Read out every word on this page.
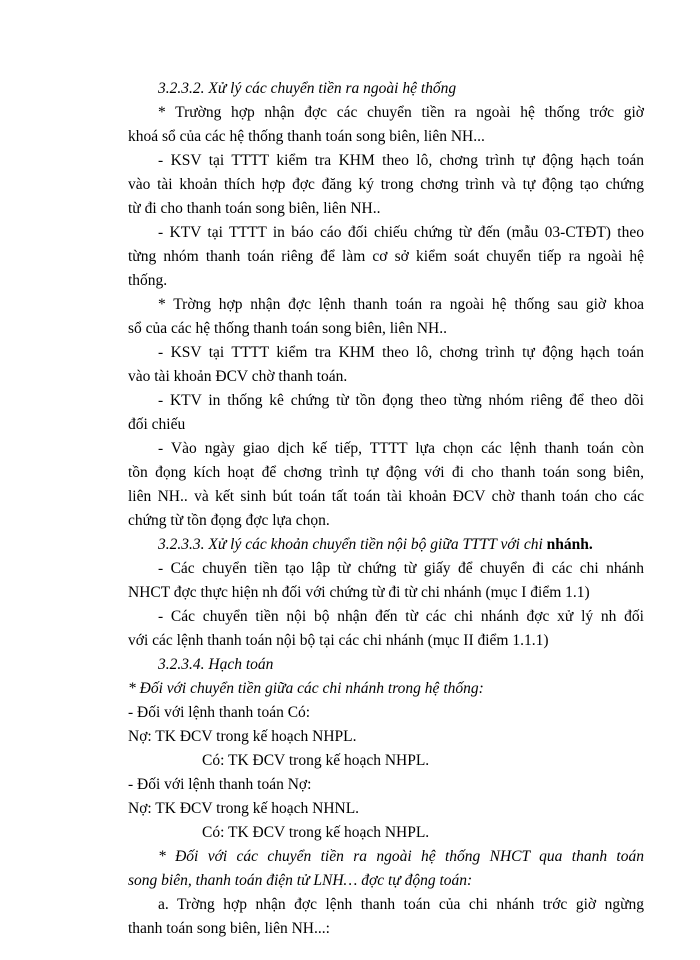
3.2.3.2. Xử lý các chuyển tiền ra ngoài hệ thống
* Trường hợp nhận đợc các chuyển tiền ra ngoài hệ thống trớc giờ
khoá sổ của các hệ thống thanh toán song biên, liên NH...
- KSV tại TTTT kiểm tra KHM theo lô, chơng trình tự động hạch toán
vào tài khoản thích hợp đợc đăng ký trong chơng trình và tự động tạo chứng
từ đi cho thanh toán song biên, liên NH..
- KTV tại TTTT in báo cáo đối chiếu chứng từ đến (mẫu 03-CTĐT) theo
từng nhóm thanh toán riêng để làm cơ sở kiểm soát chuyển tiếp ra ngoài hệ
thống.
* Trờng hợp nhận đợc lệnh thanh toán ra ngoài hệ thống sau giờ khoa
sổ của các hệ thống thanh toán song biên, liên NH..
- KSV tại TTTT kiểm tra KHM theo lô, chơng trình tự động hạch toán
vào tài khoản ĐCV chờ thanh toán.
- KTV in thống kê chứng từ tồn đọng theo từng nhóm riêng để theo dõi
đối chiếu
- Vào ngày giao dịch kế tiếp, TTTT lựa chọn các lệnh thanh toán còn
tồn đọng kích hoạt để chơng trình tự động với đi cho thanh toán song biên,
liên NH.. và kết sinh bút toán tất toán tài khoản ĐCV chờ thanh toán cho các
chứng từ tồn đọng đợc lựa chọn.
3.2.3.3. Xử lý các khoản chuyển tiền nội bộ giữa TTTT với chi nhánh.
- Các chuyển tiền tạo lập từ chứng từ giấy để chuyển đi các chi nhánh
NHCT đợc thực hiện nh đối với chứng từ đi từ chi nhánh (mục I điểm 1.1)
- Các chuyển tiền nội bộ nhận đến từ các chi nhánh đợc xử lý nh đối
với các lệnh thanh toán nội bộ tại các chi nhánh (mục II điểm 1.1.1)
3.2.3.4. Hạch toán
* Đối với chuyển tiền giữa các chi nhánh trong hệ thống:
- Đối với lệnh thanh toán Có:
Nợ: TK ĐCV trong kế hoạch NHPL.
Có: TK ĐCV trong kế hoạch NHPL.
- Đối với lệnh thanh toán Nợ:
Nợ: TK ĐCV trong kế hoạch NHNL.
Có: TK ĐCV trong kế hoạch NHPL.
* Đối với các chuyển tiền ra ngoài hệ thống NHCT qua thanh toán
song biên, thanh toán điện tử LNH… đợc tự động toán:
a. Trờng hợp nhận đợc lệnh thanh toán của chi nhánh trớc giờ ngừng
thanh toán song biên, liên NH...:
